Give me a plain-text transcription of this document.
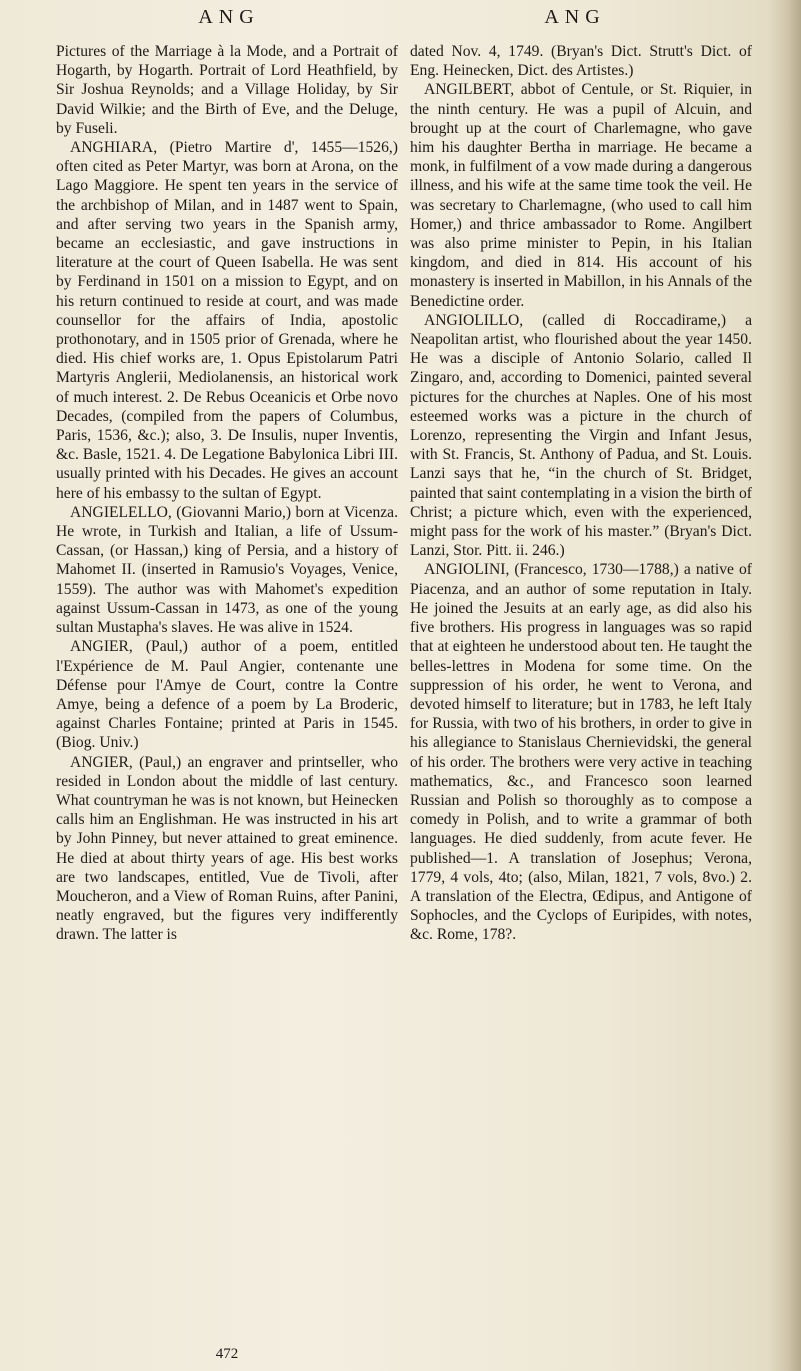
ANG	ANG

Pictures of the Marriage à la Mode, and a Portrait of Hogarth, by Hogarth. Portrait of Lord Heathfield, by Sir Joshua Reynolds; and a Village Holiday, by Sir David Wilkie; and the Birth of Eve, and the Deluge, by Fuseli.

ANGHIARA, (Pietro Martire d', 1455—1526,) often cited as Peter Martyr, was born at Arona, on the Lago Maggiore. He spent ten years in the service of the archbishop of Milan, and in 1487 went to Spain, and after serving two years in the Spanish army, became an ecclesiastic, and gave instructions in literature at the court of Queen Isabella. He was sent by Ferdinand in 1501 on a mission to Egypt, and on his return continued to reside at court, and was made counsellor for the affairs of India, apostolic prothonotary, and in 1505 prior of Grenada, where he died. His chief works are, 1. Opus Epistolarum Patri Martyris Anglerii, Mediolanensis, an historical work of much interest. 2. De Rebus Oceanicis et Orbe novo Decades, (compiled from the papers of Columbus, Paris, 1536, &c.); also, 3. De Insulis, nuper Inventis, &c. Basle, 1521. 4. De Legatione Babylonica Libri III. usually printed with his Decades. He gives an account here of his embassy to the sultan of Egypt.

ANGIELELLO, (Giovanni Mario,) born at Vicenza. He wrote, in Turkish and Italian, a life of Ussum-Cassan, (or Hassan,) king of Persia, and a history of Mahomet II. (inserted in Ramusio's Voyages, Venice, 1559). The author was with Mahomet's expedition against Ussum-Cassan in 1473, as one of the young sultan Mustapha's slaves. He was alive in 1524.

ANGIER, (Paul,) author of a poem, entitled l'Expérience de M. Paul Angier, contenante une Défense pour l'Amye de Court, contre la Contre Amye, being a defence of a poem by La Broderic, against Charles Fontaine; printed at Paris in 1545. (Biog. Univ.)

ANGIER, (Paul,) an engraver and printseller, who resided in London about the middle of last century. What countryman he was is not known, but Heinecken calls him an Englishman. He was instructed in his art by John Pinney, but never attained to great eminence. He died at about thirty years of age. His best works are two landscapes, entitled, Vue de Tivoli, after Moucheron, and a View of Roman Ruins, after Panini, neatly engraved, but the figures very indifferently drawn. The latter is

dated Nov. 4, 1749. (Bryan's Dict. Strutt's Dict. of Eng. Heinecken, Dict. des Artistes.)

ANGILBERT, abbot of Centule, or St. Riquier, in the ninth century. He was a pupil of Alcuin, and brought up at the court of Charlemagne, who gave him his daughter Bertha in marriage. He became a monk, in fulfilment of a vow made during a dangerous illness, and his wife at the same time took the veil. He was secretary to Charlemagne, (who used to call him Homer,) and thrice ambassador to Rome. Angilbert was also prime minister to Pepin, in his Italian kingdom, and died in 814. His account of his monastery is inserted in Mabillon, in his Annals of the Benedictine order.

ANGIOLILLO, (called di Roccadirame,) a Neapolitan artist, who flourished about the year 1450. He was a disciple of Antonio Solario, called Il Zingaro, and, according to Domenici, painted several pictures for the churches at Naples. One of his most esteemed works was a picture in the church of Lorenzo, representing the Virgin and Infant Jesus, with St. Francis, St. Anthony of Padua, and St. Louis. Lanzi says that he, “in the church of St. Bridget, painted that saint contemplating in a vision the birth of Christ; a picture which, even with the experienced, might pass for the work of his master.” (Bryan's Dict. Lanzi, Stor. Pitt. ii. 246.)

ANGIOLINI, (Francesco, 1730—1788,) a native of Piacenza, and an author of some reputation in Italy. He joined the Jesuits at an early age, as did also his five brothers. His progress in languages was so rapid that at eighteen he understood about ten. He taught the belles-lettres in Modena for some time. On the suppression of his order, he went to Verona, and devoted himself to literature; but in 1783, he left Italy for Russia, with two of his brothers, in order to give in his allegiance to Stanislaus Chernievidski, the general of his order. The brothers were very active in teaching mathematics, &c., and Francesco soon learned Russian and Polish so thoroughly as to compose a comedy in Polish, and to write a grammar of both languages. He died suddenly, from acute fever. He published—1. A translation of Josephus; Verona, 1779, 4 vols, 4to; (also, Milan, 1821, 7 vols, 8vo.) 2. A translation of the Electra, Œdipus, and Antigone of Sophocles, and the Cyclops of Euripides, with notes, &c. Rome, 178?.

472
